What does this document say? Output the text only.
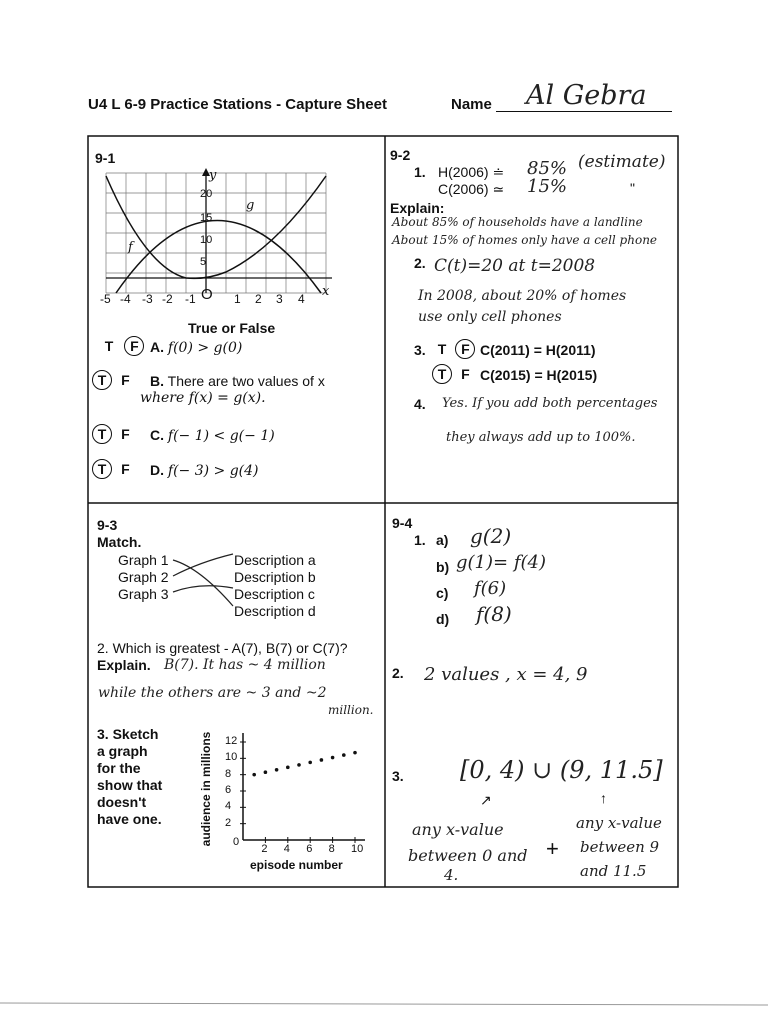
U4 L 6-9 Practice Stations - Capture Sheet	Name Al Gebra
9-1
y
x
f
g
O
20
15
10
5
-5 -4 -3 -2 -1	1 2 3 4
True or False
T F A. f(0) > g(0)
T F	B. There are two values of x
where f(x) = g(x).
T F	C. f(− 1) < g(− 1)
T F	D. f(− 3) > g(4)
9-2
1. H(2006) ≐ 85% (estimate)
C(2006) ≃ 15%	"
Explain:
About 85% of households have a landline
About 15% of homes only have a cell phone
2. C(t)=20 at t=2008
In 2008, about 20% of homes
use only cell phones
3. T F C(2011) = H(2011)
T F C(2015) = H(2015)
4. Yes. If you add both percentages
they always add up to 100%.
9-3
Match.
Graph 1
Graph 2
Graph 3
Description a
Description b
Description c
Description d
2. Which is greatest - A(7), B(7) or C(7)?
Explain. B(7). It has ~ 4 million
while the others are ~ 3 and ~2
million.
3. Sketch
a graph
for the
show that
doesn't
have one.	audience in millions
episode number
2 4 6 8 10
2
4
6
8
10
12
0
9-4
1. a) g(2)
b) g(1)= f(4)
c) f(6)
d) f(8)
2. 2 values , x = 4, 9
3. [0, 4) ∪ (9, 11.5]
↗	↑
any x-value
between 0 and
4.
+
any x-value
between 9
and 11.5
